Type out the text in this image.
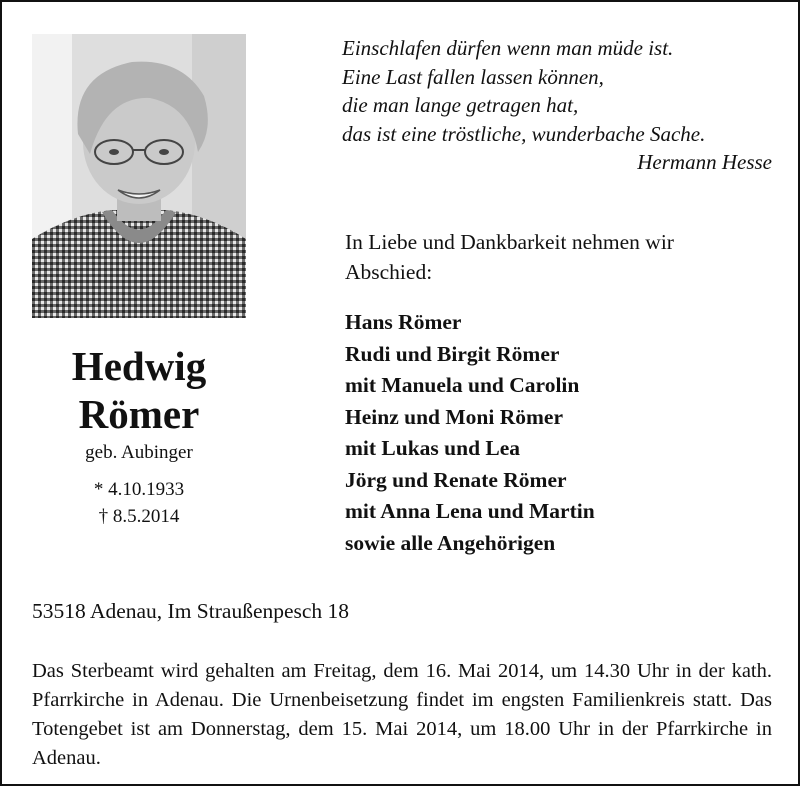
Einschlafen dürfen wenn man müde ist.
Eine Last fallen lassen können,
die man lange getragen hat,
das ist eine tröstliche, wunderbache Sache.
Hermann Hesse
In Liebe und Dankbarkeit nehmen wir
Abschied:
Hans Römer
Rudi und Birgit Römer
mit Manuela und Carolin
Heinz und Moni Römer
mit Lukas und Lea
Jörg und Renate Römer
mit Anna Lena und Martin
sowie alle Angehörigen
Hedwig
Römer
geb. Aubinger
* 4.10.1933
† 8.5.2014
53518 Adenau, Im Straußenpesch 18
Das Sterbeamt wird gehalten am Freitag, dem 16. Mai 2014, um 14.30 Uhr in der kath. Pfarrkirche in Adenau. Die Urnenbeisetzung findet im engsten Familienkreis statt. Das Totengebet ist am Donnerstag, dem 15. Mai 2014, um 18.00 Uhr in der Pfarrkirche in Adenau.
